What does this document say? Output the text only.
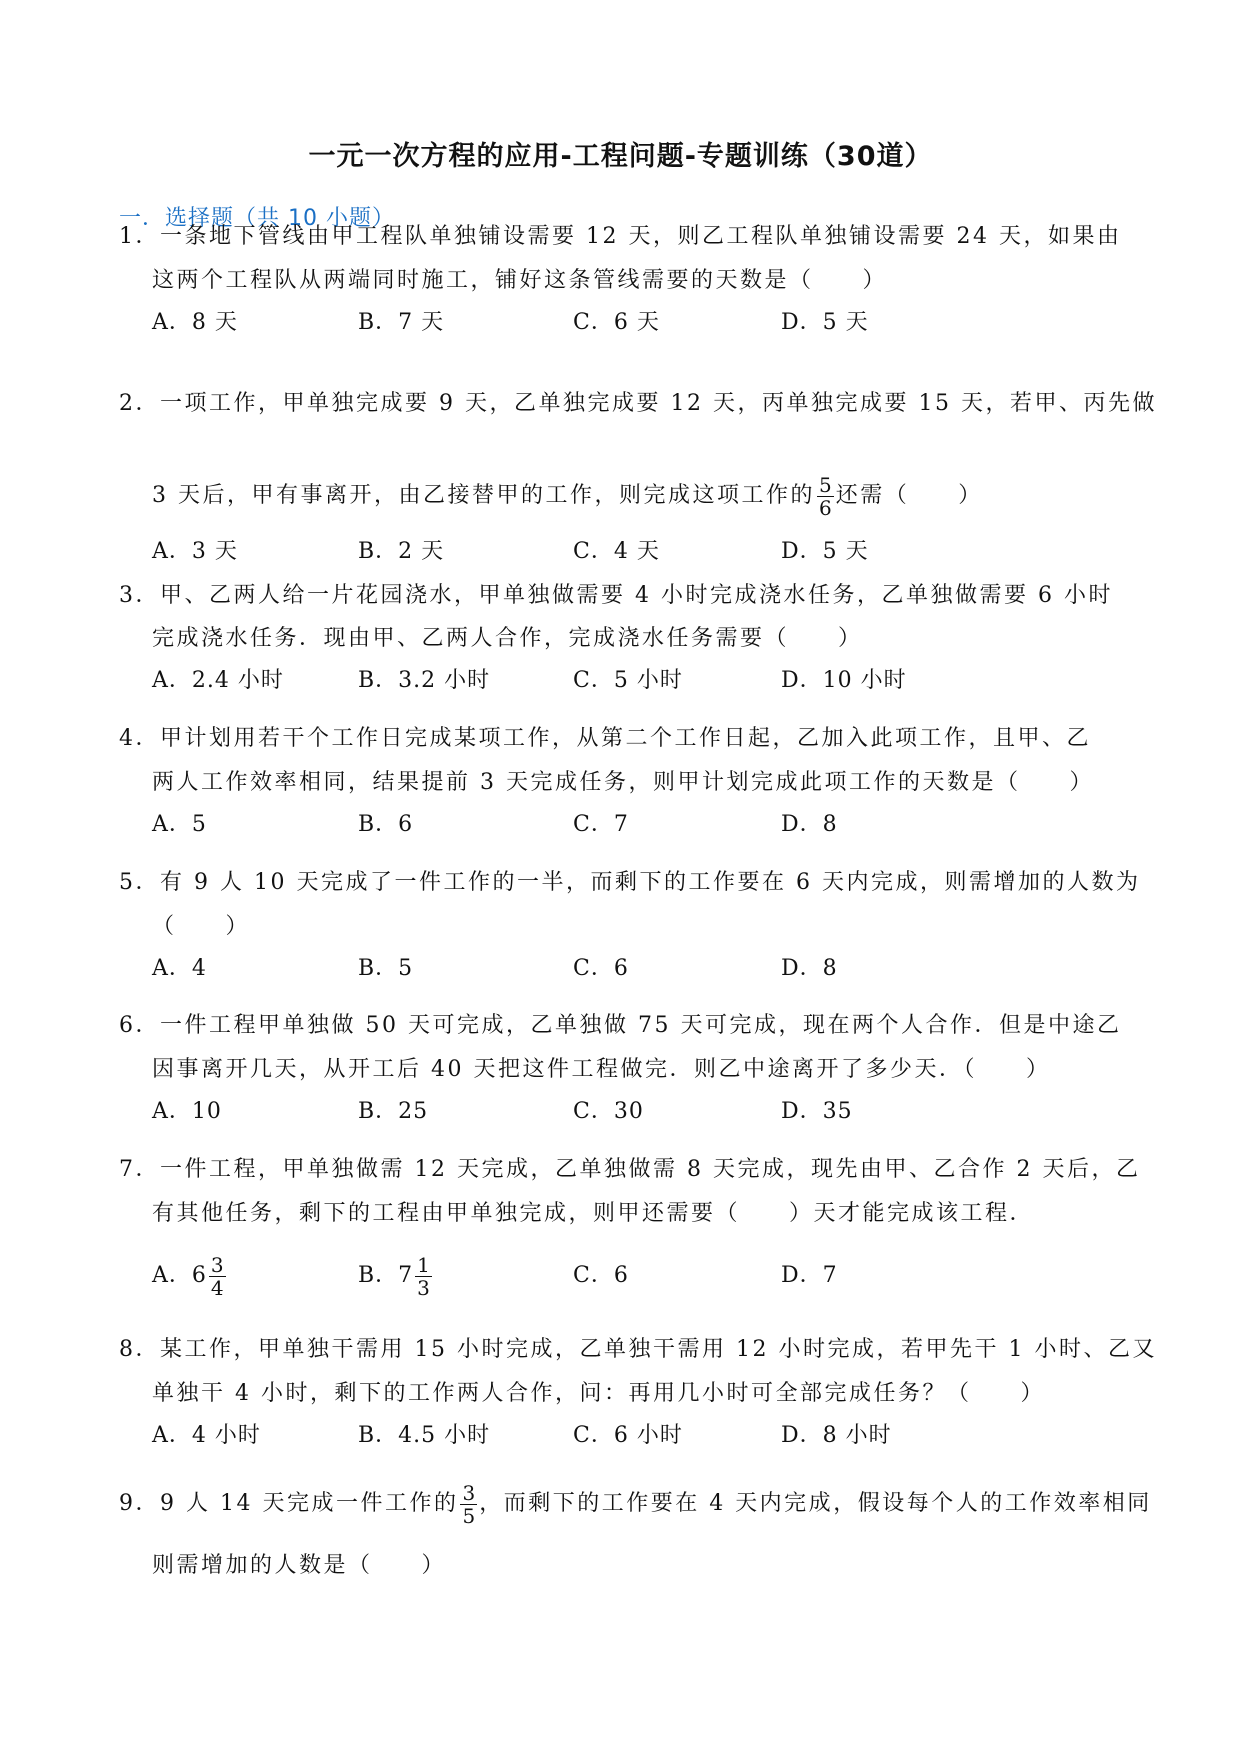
一元一次方程的应用-工程问题-专题训练（30道）
一．选择题（共 10 小题）
1．一条地下管线由甲工程队单独铺设需要 12 天，则乙工程队单独铺设需要 24 天，如果由
这两个工程队从两端同时施工，铺好这条管线需要的天数是（　　）
A．8 天	B．7 天	C．6 天	D．5 天
2．一项工作，甲单独完成要 9 天，乙单独完成要 12 天，丙单独完成要 15 天，若甲、丙先做
3 天后，甲有事离开，由乙接替甲的工作，则完成这项工作的 $\frac{5}{6}$ 还需（　　）
A．3 天	B．2 天	C．4 天	D．5 天
3．甲、乙两人给一片花园浇水，甲单独做需要 4 小时完成浇水任务，乙单独做需要 6 小时
完成浇水任务．现由甲、乙两人合作，完成浇水任务需要（　　）
A．2.4 小时	B．3.2 小时	C．5 小时	D．10 小时
4．甲计划用若干个工作日完成某项工作，从第二个工作日起，乙加入此项工作，且甲、乙
两人工作效率相同，结果提前 3 天完成任务，则甲计划完成此项工作的天数是（　　）
A．5	B．6	C．7	D．8
5．有 9 人 10 天完成了一件工作的一半，而剩下的工作要在 6 天内完成，则需增加的人数为
（　　）
A．4	B．5	C．6	D．8
6．一件工程甲单独做 50 天可完成，乙单独做 75 天可完成，现在两个人合作．但是中途乙
因事离开几天，从开工后 40 天把这件工程做完．则乙中途离开了多少天．（　　）
A．10	B．25	C．30	D．35
7．一件工程，甲单独做需 12 天完成，乙单独做需 8 天完成，现先由甲、乙合作 2 天后，乙
有其他任务，剩下的工程由甲单独完成，则甲还需要（　　）天才能完成该工程．
A．$6 \frac{3}{4}$	B．$7 \frac{1}{3}$	C．6	D．7
8．某工作，甲单独干需用 15 小时完成，乙单独干需用 12 小时完成，若甲先干 1 小时、乙又
单独干 4 小时，剩下的工作两人合作，问：再用几小时可全部完成任务？（　　）
A．4 小时	B．4.5 小时	C．6 小时	D．8 小时
9．9 人 14 天完成一件工作的 $\frac{3}{5}$ ，而剩下的工作要在 4 天内完成，假设每个人的工作效率相同
则需增加的人数是（　　）
